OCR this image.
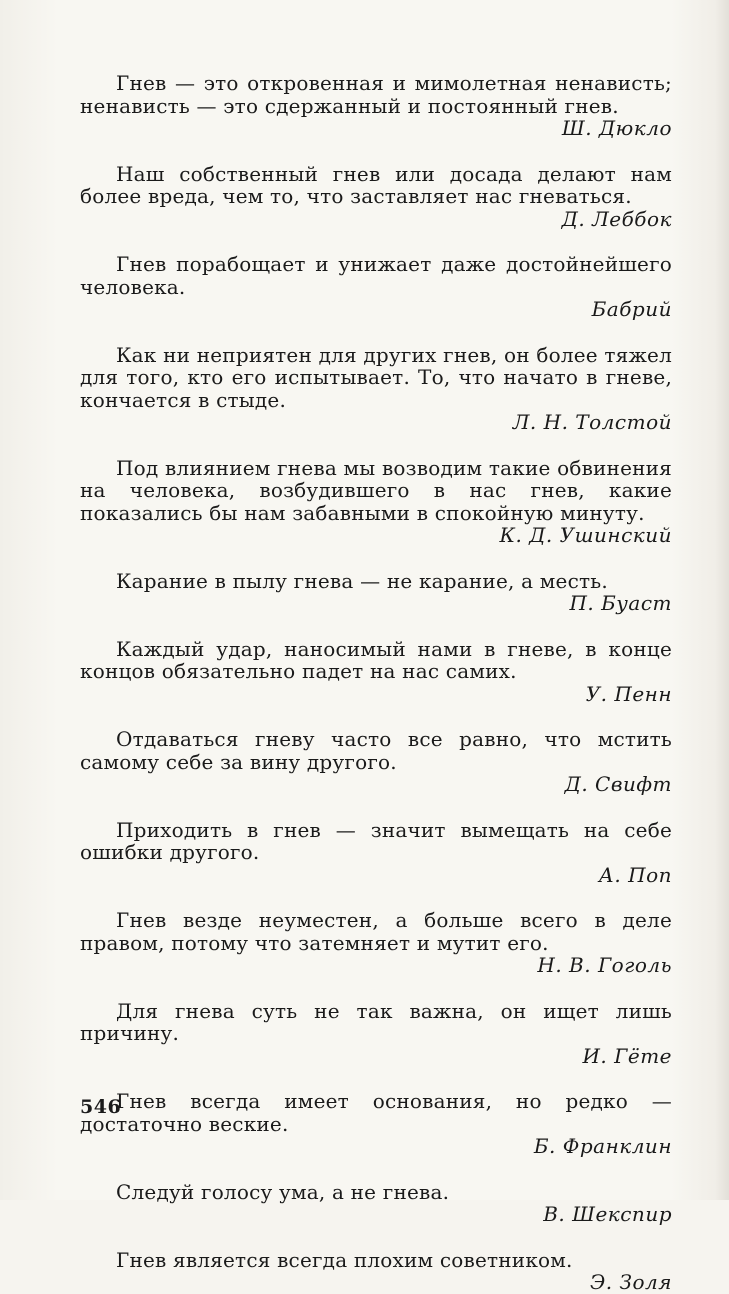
Гнев — это откровенная и мимолетная ненависть; ненависть — это сдержанный и постоянный гнев.

Ш. Дюкло

Наш собственный гнев или досада делают нам более вреда, чем то, что заставляет нас гневаться.

Д. Леббок

Гнев порабощает и унижает даже достойнейшего человека.

Бабрий

Как ни неприятен для других гнев, он более тяжел для того, кто его испытывает. То, что начато в гневе, кончается в стыде.

Л. Н. Толстой

Под влиянием гнева мы возводим такие обвинения на человека, возбудившего в нас гнев, какие показались бы нам забавными в спокойную минуту.

К. Д. Ушинский

Карание в пылу гнева — не карание, а месть.

П. Буаст

Каждый удар, наносимый нами в гневе, в конце концов обязательно падет на нас самих.

У. Пенн

Отдаваться гневу часто все равно, что мстить самому себе за вину другого.

Д. Свифт

Приходить в гнев — значит вымещать на себе ошибки другого.

А. Поп

Гнев везде неуместен, а больше всего в деле правом, потому что затемняет и мутит его.

Н. В. Гоголь

Для гнева суть не так важна, он ищет лишь причину.

И. Гёте

Гнев всегда имеет основания, но редко — достаточно веские.

Б. Франклин

Следуй голосу ума, а не гнева.

В. Шекспир

Гнев является всегда плохим советником.

Э. Золя

546
